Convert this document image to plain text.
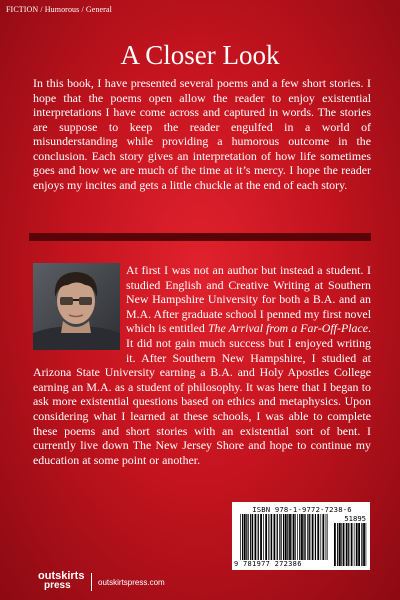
FICTION / Humorous / General
A Closer Look

In this book, I have presented several poems and a few short stories. I hope that the poems open allow the reader to enjoy existential interpretations I have come across and captured in words. The stories are suppose to keep the reader engulfed in a world of misunderstanding while providing a humorous outcome in the conclusion. Each story gives an interpretation of how life sometimes goes and how we are much of the time at it’s mercy. I hope the reader enjoys my incites and gets a little chuckle at the end of each story.

At first I was not an author but instead a student. I studied English and Creative Writing at Southern New Hampshire University for both a B.A. and an M.A. After graduate school I penned my first novel which is entitled The Arrival from a Far-Off-Place. It did not gain much success but I enjoyed writing it. After Southern New Hampshire, I studied at Arizona State University earning a B.A. and Holy Apostles College earning an M.A. as a student of philosophy. It was here that I began to ask more existential questions based on ethics and metaphysics. Upon considering what I learned at these schools, I was able to complete these poems and short stories with an existential sort of bent. I currently live down The New Jersey Shore and hope to continue my education at some point or another.

ISBN 978-1-9772-7238-6
51895
9 781977 272386
outskirts
press	outskirtspress.com
